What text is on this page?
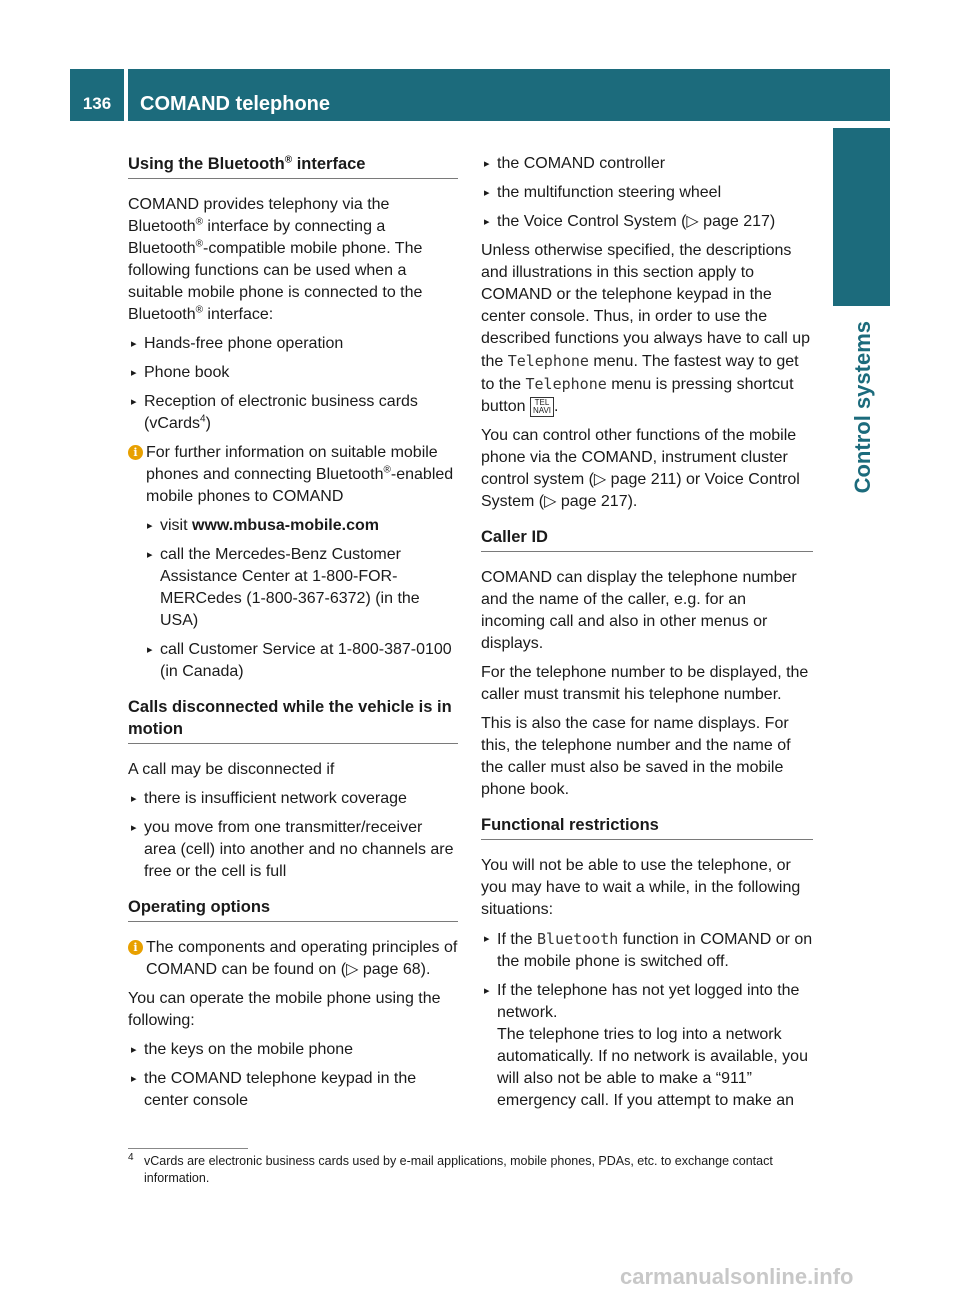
136	COMAND telephone
Control systems
Using the Bluetooth® interface

COMAND provides telephony via the Bluetooth® interface by connecting a Bluetooth®-compatible mobile phone. The following functions can be used when a suitable mobile phone is connected to the Bluetooth® interface:

▸ Hands-free phone operation
▸ Phone book
▸ Reception of electronic business cards (vCards$^4$)
i For further information on suitable mobile phones and connecting Bluetooth®-enabled mobile phones to COMAND
▸ visit www.mbusa-mobile.com
▸ call the Mercedes-Benz Customer Assistance Center at 1-800-FOR-MERCedes (1-800-367-6372) (in the USA)
▸ call Customer Service at 1-800-387-0100 (in Canada)
Calls disconnected while the vehicle is in motion

A call may be disconnected if

▸ there is insufficient network coverage
▸ you move from one transmitter/receiver area (cell) into another and no channels are free or the cell is full
Operating options
i The components and operating principles of COMAND can be found on (▷ page 68).

You can operate the mobile phone using the following:

▸ the keys on the mobile phone
▸ the COMAND telephone keypad in the center console
▸ the COMAND controller
▸ the multifunction steering wheel
▸ the Voice Control System (▷ page 217)

Unless otherwise specified, the descriptions and illustrations in this section apply to COMAND or the telephone keypad in the center console. Thus, in order to use the described functions you always have to call up the Telephone menu. The fastest way to get to the Telephone menu is pressing shortcut button TEL
NAVI .

You can control other functions of the mobile phone via the COMAND, instrument cluster control system (▷ page 211) or Voice Control System (▷ page 217).

Caller ID

COMAND can display the telephone number and the name of the caller, e.g. for an incoming call and also in other menus or displays.

For the telephone number to be displayed, the caller must transmit his telephone number.

This is also the case for name displays. For this, the telephone number and the name of the caller must also be saved in the mobile phone book.

Functional restrictions

You will not be able to use the telephone, or you may have to wait a while, in the following situations:

▸ If the Bluetooth function in COMAND or on the mobile phone is switched off.
▸ If the telephone has not yet logged into the network.
The telephone tries to log into a network automatically. If no network is available, you will also not be able to make a “911” emergency call. If you attempt to make an
4 vCards are electronic business cards used by e-mail applications, mobile phones, PDAs, etc. to exchange contact information.
carmanualsonline.info
